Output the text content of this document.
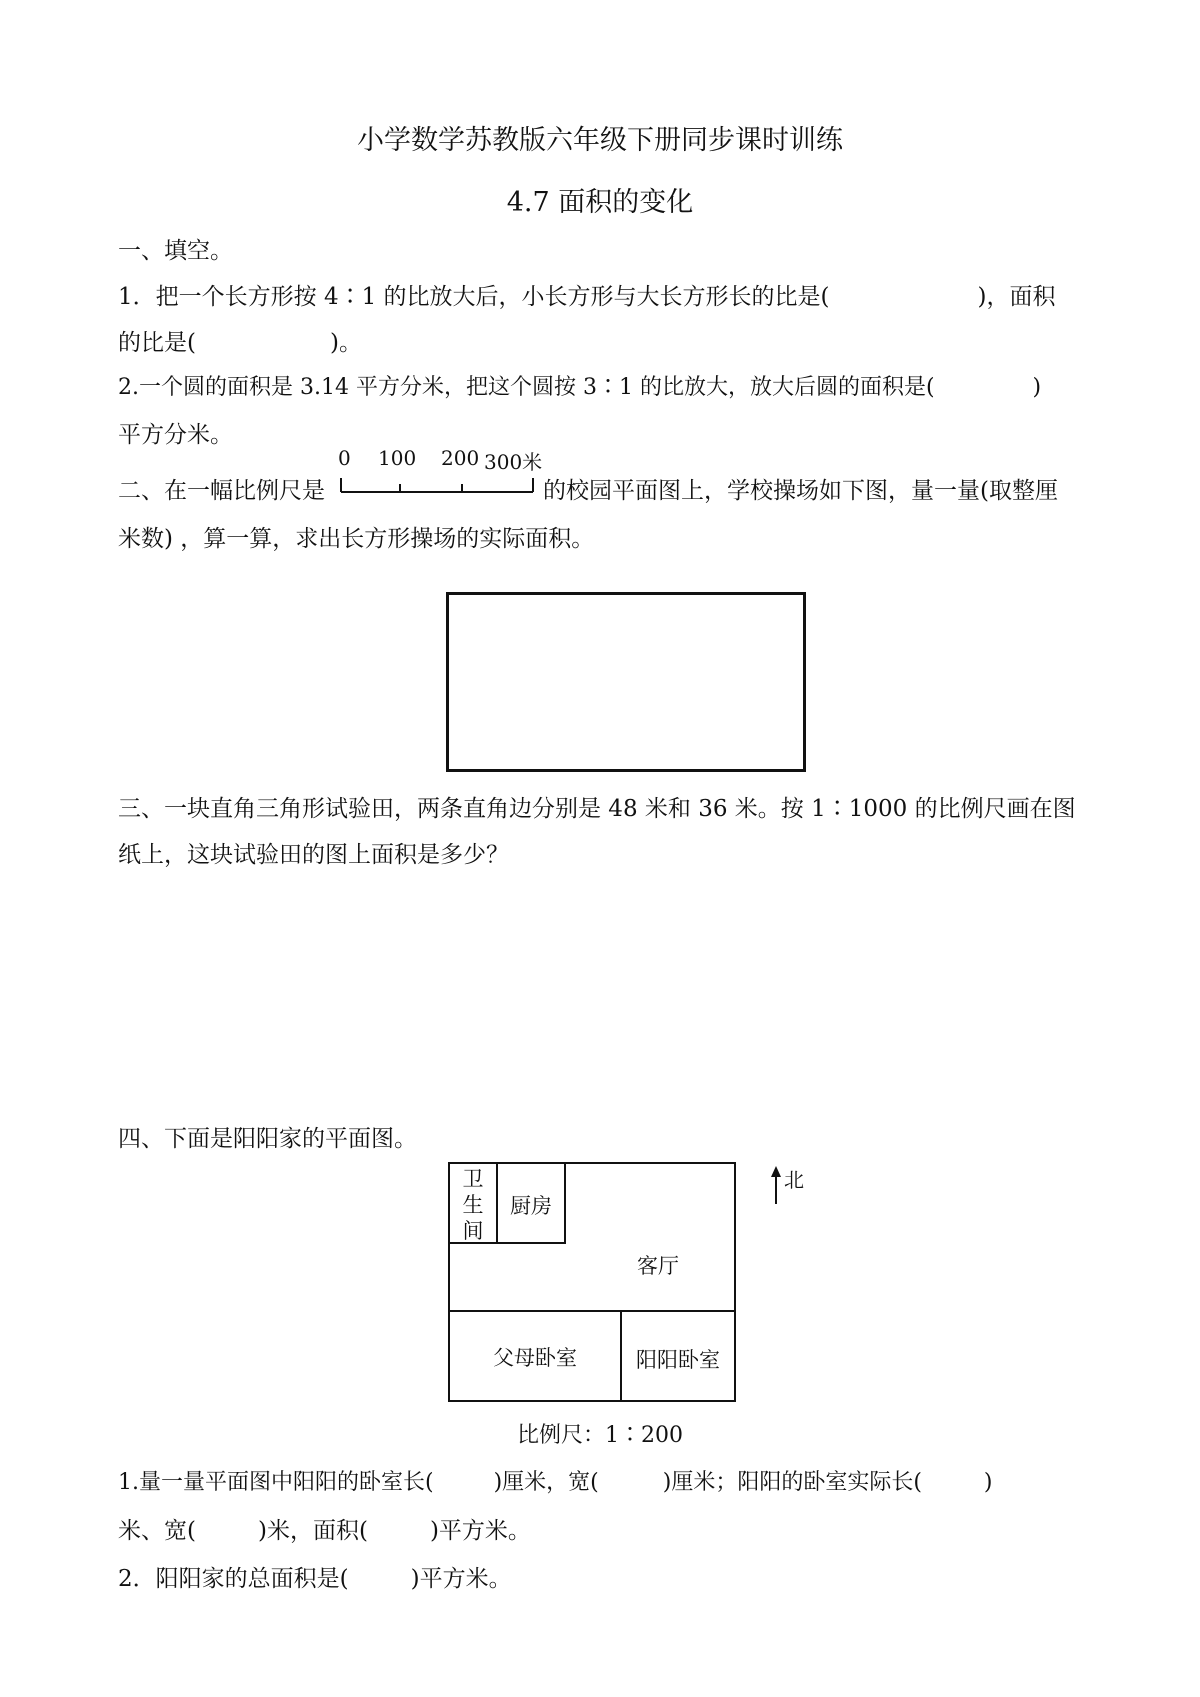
小学数学苏教版六年级下册同步课时训练
4.7 面积的变化
一、填空。
1．把一个长方形按 4∶1 的比放大后，小长方形与大长方形长的比是(	)，面积
的比是(	)。
2.一个圆的面积是 3.14 平方分米，把这个圆按 3∶1 的比放大，放大后圆的面积是(	)
平方分米。
二、在一幅比例尺是
0 100 200 300米
的校园平面图上，学校操场如下图，量一量(取整厘
米数) ，算一算，求出长方形操场的实际面积。
三、一块直角三角形试验田，两条直角边分别是 48 米和 36 米。按 1∶1000 的比例尺画在图
纸上，这块试验田的图上面积是多少？
四、下面是阳阳家的平面图。
卫
生
间
厨房
客厅
父母卧室	阳阳卧室
北
比例尺：1∶200
1.量一量平面图中阳阳的卧室长(	)厘米，宽(	)厘米；阳阳的卧室实际长(	)
米、宽(	)米，面积(	)平方米。
2．阳阳家的总面积是(	)平方米。
